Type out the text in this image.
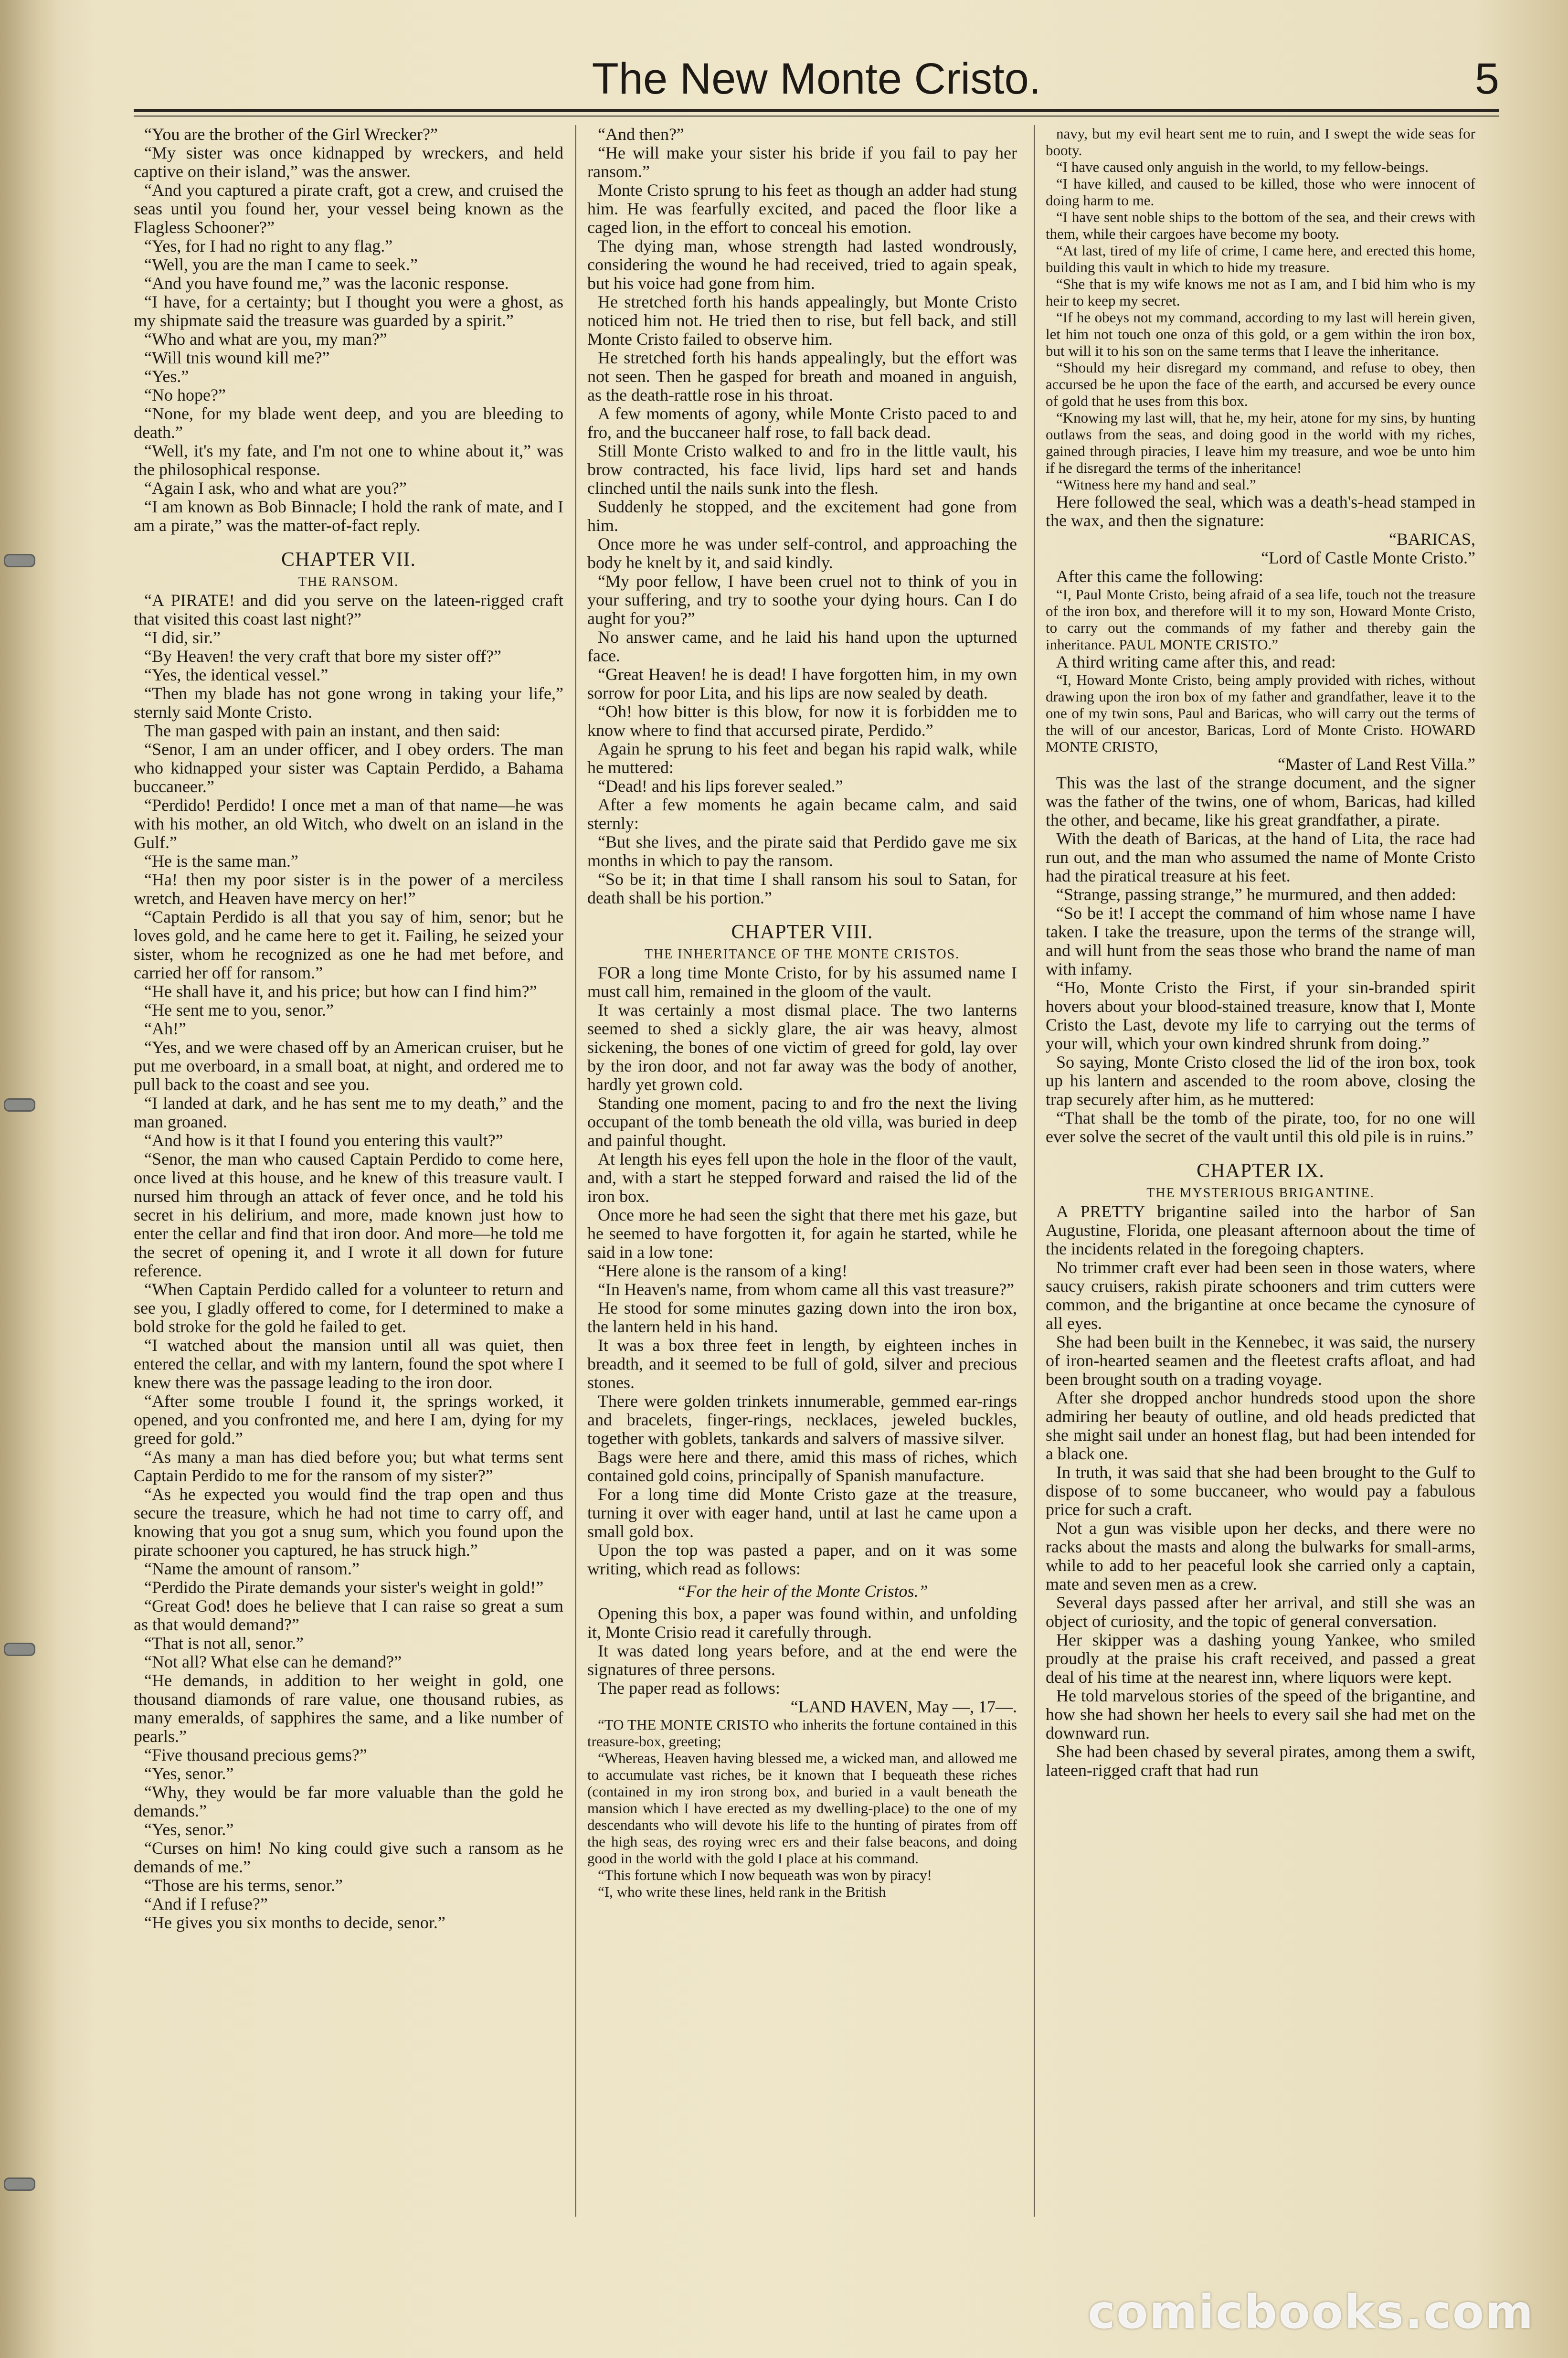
The New Monte Cristo.	5

“You are the brother of the Girl Wrecker?”

“My sister was once kidnapped by wreckers, and held captive on their island,” was the answer.

“And you captured a pirate craft, got a crew, and cruised the seas until you found her, your vessel being known as the Flagless Schooner?”

“Yes, for I had no right to any flag.”

“Well, you are the man I came to seek.”

“And you have found me,” was the laconic response.

“I have, for a certainty; but I thought you were a ghost, as my shipmate said the treasure was guarded by a spirit.”

“Who and what are you, my man?”

“Will tnis wound kill me?”

“Yes.”

“No hope?”

“None, for my blade went deep, and you are bleeding to death.”

“Well, it's my fate, and I'm not one to whine about it,” was the philosophical response.

“Again I ask, who and what are you?”

“I am known as Bob Binnacle; I hold the rank of mate, and I am a pirate,” was the matter-of-fact reply.

CHAPTER VII.

THE RANSOM.

“A PIRATE! and did you serve on the lateen-rigged craft that visited this coast last night?”

“I did, sir.”

“By Heaven! the very craft that bore my sister off?”

“Yes, the identical vessel.”

“Then my blade has not gone wrong in taking your life,” sternly said Monte Cristo.

The man gasped with pain an instant, and then said:

“Senor, I am an under officer, and I obey orders. The man who kidnapped your sister was Captain Perdido, a Bahama buccaneer.”

“Perdido! Perdido! I once met a man of that name—he was with his mother, an old Witch, who dwelt on an island in the Gulf.”

“He is the same man.”

“Ha! then my poor sister is in the power of a merciless wretch, and Heaven have mercy on her!”

“Captain Perdido is all that you say of him, senor; but he loves gold, and he came here to get it. Failing, he seized your sister, whom he recognized as one he had met before, and carried her off for ransom.”

“He shall have it, and his price; but how can I find him?”

“He sent me to you, senor.”

“Ah!”

“Yes, and we were chased off by an American cruiser, but he put me overboard, in a small boat, at night, and ordered me to pull back to the coast and see you.

“I landed at dark, and he has sent me to my death,” and the man groaned.

“And how is it that I found you entering this vault?”

“Senor, the man who caused Captain Perdido to come here, once lived at this house, and he knew of this treasure vault. I nursed him through an attack of fever once, and he told his secret in his delirium, and more, made known just how to enter the cellar and find that iron door. And more—he told me the secret of opening it, and I wrote it all down for future reference.

“When Captain Perdido called for a volunteer to return and see you, I gladly offered to come, for I determined to make a bold stroke for the gold he failed to get.

“I watched about the mansion until all was quiet, then entered the cellar, and with my lantern, found the spot where I knew there was the passage leading to the iron door.

“After some trouble I found it, the springs worked, it opened, and you confronted me, and here I am, dying for my greed for gold.”

“As many a man has died before you; but what terms sent Captain Perdido to me for the ransom of my sister?”

“As he expected you would find the trap open and thus secure the treasure, which he had not time to carry off, and knowing that you got a snug sum, which you found upon the pirate schooner you captured, he has struck high.”

“Name the amount of ransom.”

“Perdido the Pirate demands your sister's weight in gold!”

“Great God! does he believe that I can raise so great a sum as that would demand?”

“That is not all, senor.”

“Not all? What else can he demand?”

“He demands, in addition to her weight in gold, one thousand diamonds of rare value, one thousand rubies, as many emeralds, of sapphires the same, and a like number of pearls.”

“Five thousand precious gems?”

“Yes, senor.”

“Why, they would be far more valuable than the gold he demands.”

“Yes, senor.”

“Curses on him! No king could give such a ransom as he demands of me.”

“Those are his terms, senor.”

“And if I refuse?”

“He gives you six months to decide, senor.”

“And then?”

“He will make your sister his bride if you fail to pay her ransom.”

Monte Cristo sprung to his feet as though an adder had stung him. He was fearfully excited, and paced the floor like a caged lion, in the effort to conceal his emotion.

The dying man, whose strength had lasted wondrously, considering the wound he had received, tried to again speak, but his voice had gone from him.

He stretched forth his hands appealingly, but Monte Cristo noticed him not. He tried then to rise, but fell back, and still Monte Cristo failed to observe him.

He stretched forth his hands appealingly, but the effort was not seen. Then he gasped for breath and moaned in anguish, as the death-rattle rose in his throat.

A few moments of agony, while Monte Cristo paced to and fro, and the buccaneer half rose, to fall back dead.

Still Monte Cristo walked to and fro in the little vault, his brow contracted, his face livid, lips hard set and hands clinched until the nails sunk into the flesh.

Suddenly he stopped, and the excitement had gone from him.

Once more he was under self-control, and approaching the body he knelt by it, and said kindly.

“My poor fellow, I have been cruel not to think of you in your suffering, and try to soothe your dying hours. Can I do aught for you?”

No answer came, and he laid his hand upon the upturned face.

“Great Heaven! he is dead! I have forgotten him, in my own sorrow for poor Lita, and his lips are now sealed by death.

“Oh! how bitter is this blow, for now it is forbidden me to know where to find that accursed pirate, Perdido.”

Again he sprung to his feet and began his rapid walk, while he muttered:

“Dead! and his lips forever sealed.”

After a few moments he again became calm, and said sternly:

“But she lives, and the pirate said that Perdido gave me six months in which to pay the ransom.

“So be it; in that time I shall ransom his soul to Satan, for death shall be his portion.”

CHAPTER VIII.

THE INHERITANCE OF THE MONTE CRISTOS.

FOR a long time Monte Cristo, for by his assumed name I must call him, remained in the gloom of the vault.

It was certainly a most dismal place. The two lanterns seemed to shed a sickly glare, the air was heavy, almost sickening, the bones of one victim of greed for gold, lay over by the iron door, and not far away was the body of another, hardly yet grown cold.

Standing one moment, pacing to and fro the next the living occupant of the tomb beneath the old villa, was buried in deep and painful thought.

At length his eyes fell upon the hole in the floor of the vault, and, with a start he stepped forward and raised the lid of the iron box.

Once more he had seen the sight that there met his gaze, but he seemed to have forgotten it, for again he started, while he said in a low tone:

“Here alone is the ransom of a king!

“In Heaven's name, from whom came all this vast treasure?”

He stood for some minutes gazing down into the iron box, the lantern held in his hand.

It was a box three feet in length, by eighteen inches in breadth, and it seemed to be full of gold, silver and precious stones.

There were golden trinkets innumerable, gemmed ear-rings and bracelets, finger-rings, necklaces, jeweled buckles, together with goblets, tankards and salvers of massive silver.

Bags were here and there, amid this mass of riches, which contained gold coins, principally of Spanish manufacture.

For a long time did Monte Cristo gaze at the treasure, turning it over with eager hand, until at last he came upon a small gold box.

Upon the top was pasted a paper, and on it was some writing, which read as follows:

“For the heir of the Monte Cristos.”

Opening this box, a paper was found within, and unfolding it, Monte Crisio read it carefully through.

It was dated long years before, and at the end were the signatures of three persons.

The paper read as follows:

“LAND HAVEN, May —, 17—.

“TO THE MONTE CRISTO who inherits the fortune contained in this treasure-box, greeting;

“Whereas, Heaven having blessed me, a wicked man, and allowed me to accumulate vast riches, be it known that I bequeath these riches (contained in my iron strong box, and buried in a vault beneath the mansion which I have erected as my dwelling-place) to the one of my descendants who will devote his life to the hunting of pirates from off the high seas, des roying wrec ers and their false beacons, and doing good in the world with the gold I place at his command.

“This fortune which I now bequeath was won by piracy!

“I, who write these lines, held rank in the British

navy, but my evil heart sent me to ruin, and I swept the wide seas for booty.

“I have caused only anguish in the world, to my fellow-beings.

“I have killed, and caused to be killed, those who were innocent of doing harm to me.

“I have sent noble ships to the bottom of the sea, and their crews with them, while their cargoes have become my booty.

“At last, tired of my life of crime, I came here, and erected this home, building this vault in which to hide my treasure.

“She that is my wife knows me not as I am, and I bid him who is my heir to keep my secret.

“If he obeys not my command, according to my last will herein given, let him not touch one onza of this gold, or a gem within the iron box, but will it to his son on the same terms that I leave the inheritance.

“Should my heir disregard my command, and refuse to obey, then accursed be he upon the face of the earth, and accursed be every ounce of gold that he uses from this box.

“Knowing my last will, that he, my heir, atone for my sins, by hunting outlaws from the seas, and doing good in the world with my riches, gained through piracies, I leave him my treasure, and woe be unto him if he disregard the terms of the inheritance!

“Witness here my hand and seal.”

Here followed the seal, which was a death's-head stamped in the wax, and then the signature:

“BARICAS,

“Lord of Castle Monte Cristo.”

After this came the following:

“I, Paul Monte Cristo, being afraid of a sea life, touch not the treasure of the iron box, and therefore will it to my son, Howard Monte Cristo, to carry out the commands of my father and thereby gain the inheritance. PAUL MONTE CRISTO.”

A third writing came after this, and read:

“I, Howard Monte Cristo, being amply provided with riches, without drawing upon the iron box of my father and grandfather, leave it to the one of my twin sons, Paul and Baricas, who will carry out the terms of the will of our ancestor, Baricas, Lord of Monte Cristo. HOWARD MONTE CRISTO,

“Master of Land Rest Villa.”

This was the last of the strange document, and the signer was the father of the twins, one of whom, Baricas, had killed the other, and became, like his great grandfather, a pirate.

With the death of Baricas, at the hand of Lita, the race had run out, and the man who assumed the name of Monte Cristo had the piratical treasure at his feet.

“Strange, passing strange,” he murmured, and then added:

“So be it! I accept the command of him whose name I have taken. I take the treasure, upon the terms of the strange will, and will hunt from the seas those who brand the name of man with infamy.

“Ho, Monte Cristo the First, if your sin-branded spirit hovers about your blood-stained treasure, know that I, Monte Cristo the Last, devote my life to carrying out the terms of your will, which your own kindred shrunk from doing.”

So saying, Monte Cristo closed the lid of the iron box, took up his lantern and ascended to the room above, closing the trap securely after him, as he muttered:

“That shall be the tomb of the pirate, too, for no one will ever solve the secret of the vault until this old pile is in ruins.”

CHAPTER IX.

THE MYSTERIOUS BRIGANTINE.

A PRETTY brigantine sailed into the harbor of San Augustine, Florida, one pleasant afternoon about the time of the incidents related in the foregoing chapters.

No trimmer craft ever had been seen in those waters, where saucy cruisers, rakish pirate schooners and trim cutters were common, and the brigantine at once became the cynosure of all eyes.

She had been built in the Kennebec, it was said, the nursery of iron-hearted seamen and the fleetest crafts afloat, and had been brought south on a trading voyage.

After she dropped anchor hundreds stood upon the shore admiring her beauty of outline, and old heads predicted that she might sail under an honest flag, but had been intended for a black one.

In truth, it was said that she had been brought to the Gulf to dispose of to some buccaneer, who would pay a fabulous price for such a craft.

Not a gun was visible upon her decks, and there were no racks about the masts and along the bulwarks for small-arms, while to add to her peaceful look she carried only a captain, mate and seven men as a crew.

Several days passed after her arrival, and still she was an object of curiosity, and the topic of general conversation.

Her skipper was a dashing young Yankee, who smiled proudly at the praise his craft received, and passed a great deal of his time at the nearest inn, where liquors were kept.

He told marvelous stories of the speed of the brigantine, and how she had shown her heels to every sail she had met on the downward run.

She had been chased by several pirates, among them a swift, lateen-rigged craft that had run

comicbooks.com
